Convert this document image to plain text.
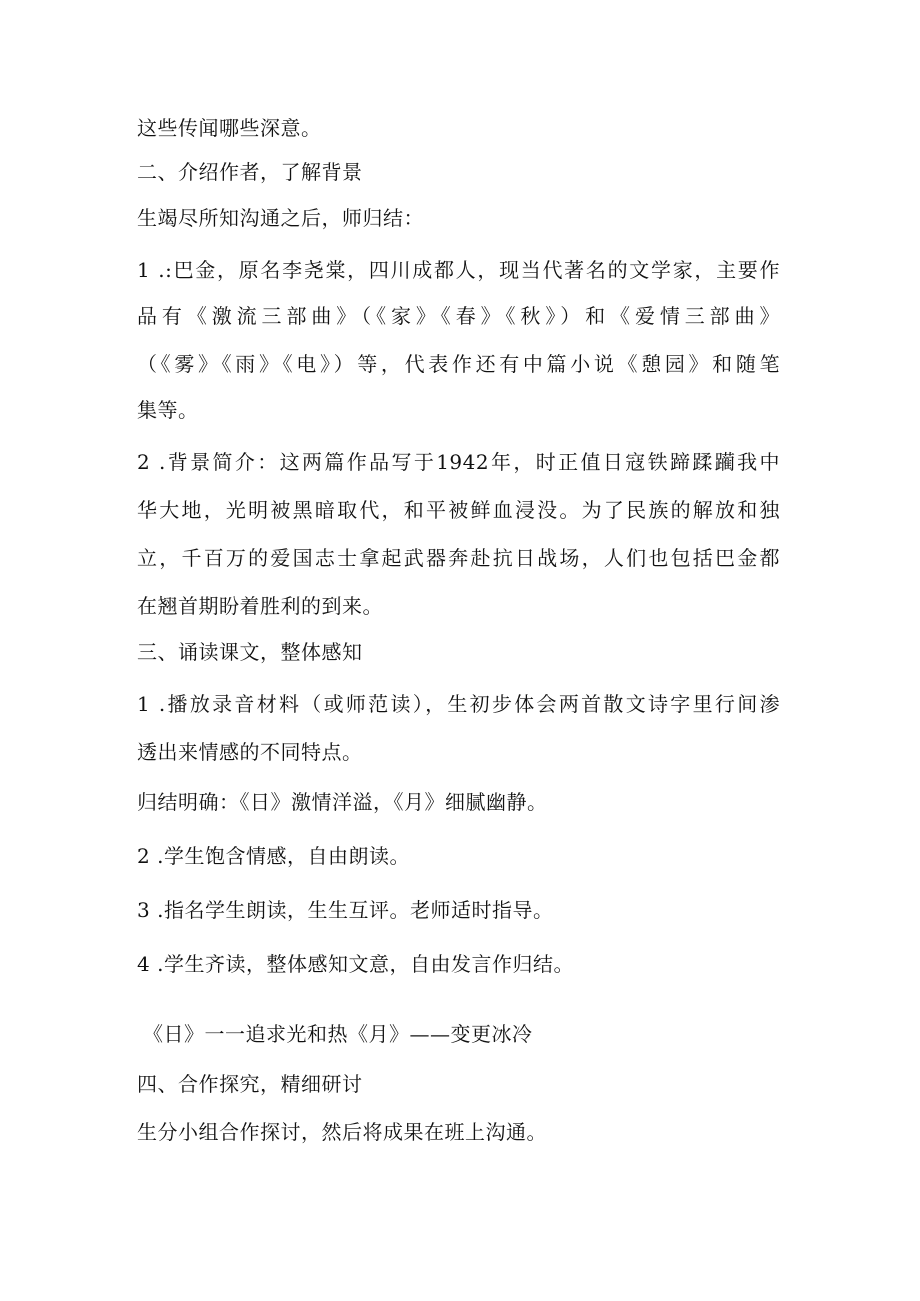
这些传闻哪些深意。
二、介绍作者，了解背景
生竭尽所知沟通之后，师归结：
1 .:巴金，原名李尧棠，四川成都人，现当代著名的文学家，主要作
品有《激流三部曲》（《家》《春》《秋》）和《爱情三部曲》
（《雾》《雨》《电》）等，代表作还有中篇小说《憩园》和随笔
集等。
2 .背景简介：这两篇作品写于1942年，时正值日寇铁蹄蹂躏我中
华大地，光明被黑暗取代，和平被鲜血浸没。为了民族的解放和独
立，千百万的爱国志士拿起武器奔赴抗日战场，人们也包括巴金都
在翘首期盼着胜利的到来。
三、诵读课文，整体感知
1 .播放录音材料（或师范读），生初步体会两首散文诗字里行间渗
透出来情感的不同特点。
归结明确：《日》激情洋溢，《月》细腻幽静。
2 .学生饱含情感，自由朗读。
3 .指名学生朗读，生生互评。老师适时指导。
4 .学生齐读，整体感知文意，自由发言作归结。
《日》一一追求光和热《月》——变更冰冷
四、合作探究，精细研讨
生分小组合作探讨，然后将成果在班上沟通。
